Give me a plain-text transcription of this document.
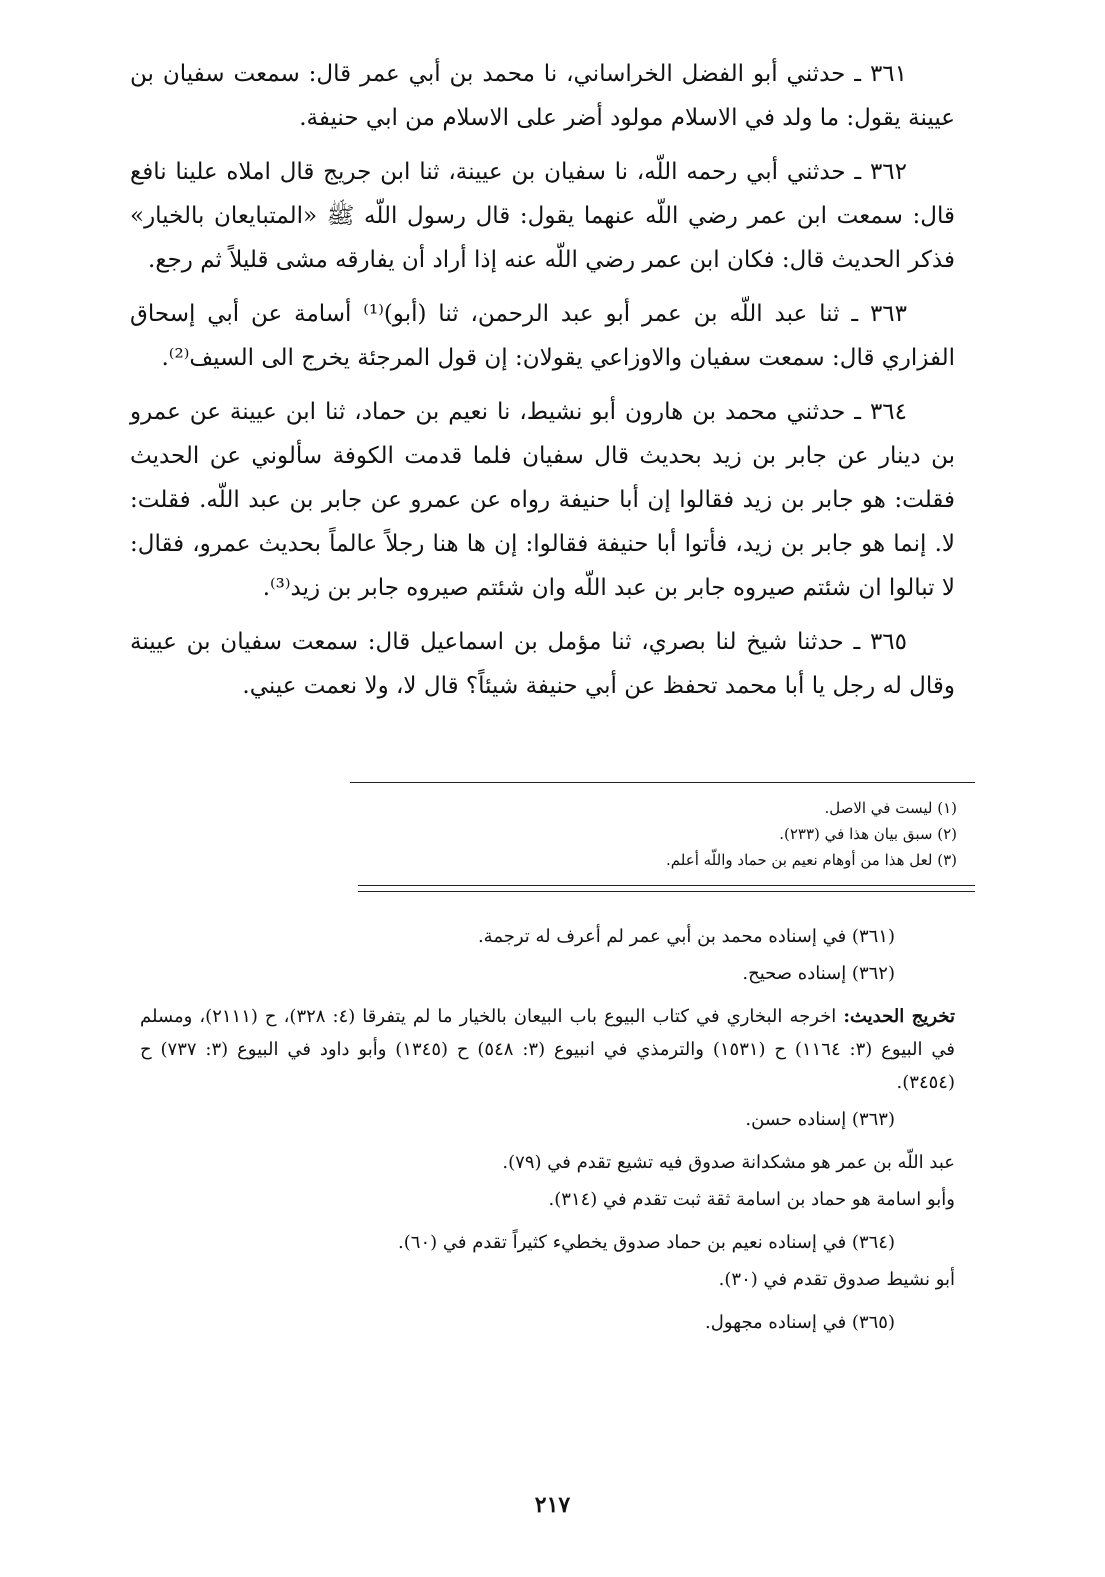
٣٦١ ـ حدثني أبو الفضل الخراساني، نا محمد بن أبي عمر قال: سمعت سفيان بن عيينة يقول: ما ولد في الاسلام مولود أضر على الاسلام من ابي حنيفة.

٣٦٢ ـ حدثني أبي رحمه اللّه، نا سفيان بن عيينة، ثنا ابن جريج قال املاه علينا نافع قال: سمعت ابن عمر رضي اللّه عنهما يقول: قال رسول اللّه ﷺ «المتبايعان بالخيار» فذكر الحديث قال: فكان ابن عمر رضي اللّه عنه إذا أراد أن يفارقه مشى قليلاً ثم رجع.

٣٦٣ ـ ثنا عبد اللّه بن عمر أبو عبد الرحمن، ثنا (أبو)⁽¹⁾ أسامة عن أبي إسحاق الفزاري قال: سمعت سفيان والاوزاعي يقولان: إن قول المرجئة يخرج الى السيف⁽²⁾.

٣٦٤ ـ حدثني محمد بن هارون أبو نشيط، نا نعيم بن حماد، ثنا ابن عيينة عن عمرو بن دينار عن جابر بن زيد بحديث قال سفيان فلما قدمت الكوفة سألوني عن الحديث فقلت: هو جابر بن زيد فقالوا إن أبا حنيفة رواه عن عمرو عن جابر بن عبد اللّه. فقلت: لا. إنما هو جابر بن زيد، فأتوا أبا حنيفة فقالوا: إن ها هنا رجلاً عالماً بحديث عمرو، فقال: لا تبالوا ان شئتم صيروه جابر بن عبد اللّه وان شئتم صيروه جابر بن زيد⁽³⁾.

٣٦٥ ـ حدثنا شيخ لنا بصري، ثنا مؤمل بن اسماعيل قال: سمعت سفيان بن عيينة وقال له رجل يا أبا محمد تحفظ عن أبي حنيفة شيئاً؟ قال لا، ولا نعمت عيني.

(١) ليست في الاصل.
(٢) سبق بيان هذا في (٢٣٣).
(٣) لعل هذا من أوهام نعيم بن حماد واللّه أعلم.

(٣٦١) في إسناده محمد بن أبي عمر لم أعرف له ترجمة.

(٣٦٢) إسناده صحيح.

تخريج الحديث: اخرجه البخاري في كتاب البيوع باب البيعان بالخيار ما لم يتفرقا (٤: ٣٢٨)، ح (٢١١١)، ومسلم في البيوع (٣: ١١٦٤) ح (١٥٣١) والترمذي في انبيوع (٣: ٥٤٨) ح (١٣٤٥) وأبو داود في البيوع (٣: ٧٣٧) ح (٣٤٥٤).

(٣٦٣) إسناده حسن.

عبد اللّه بن عمر هو مشكدانة صدوق فيه تشيع تقدم في (٧٩).

وأبو اسامة هو حماد بن اسامة ثقة ثبت تقدم في (٣١٤).

(٣٦٤) في إسناده نعيم بن حماد صدوق يخطيء كثيراً تقدم في (٦٠).

أبو نشيط صدوق تقدم في (٣٠).

(٣٦٥) في إسناده مجهول.

٢١٧
